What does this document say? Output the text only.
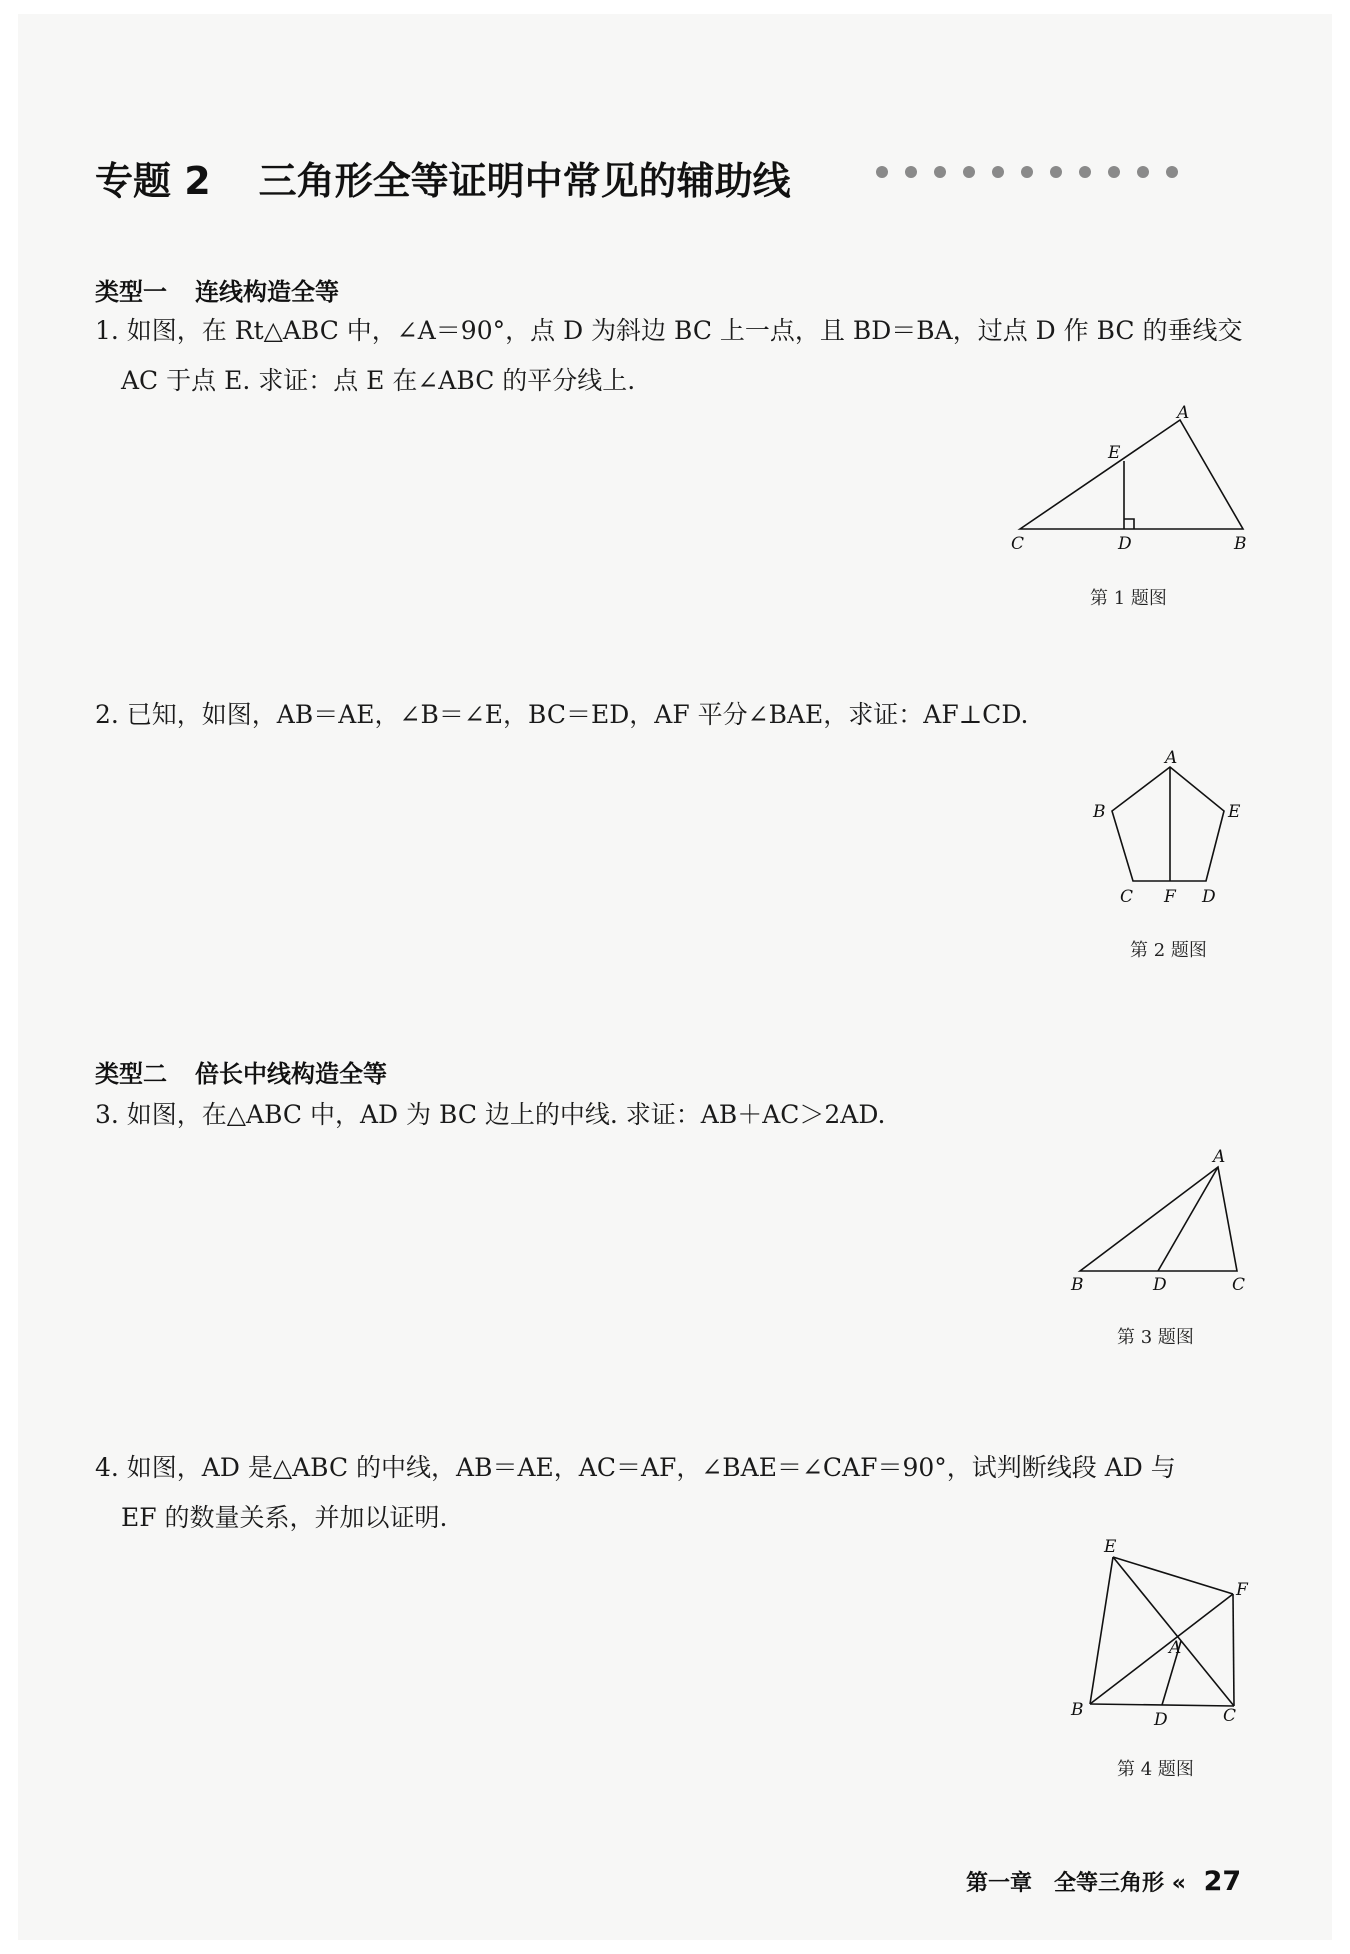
专题 2 三角形全等证明中常见的辅助线
类型一 连线构造全等
1. 如图，在 Rt△ABC 中，∠A＝90°，点 D 为斜边 BC 上一点，且 BD＝BA，过点 D 作 BC 的垂线交
AC 于点 E. 求证：点 E 在∠ABC 的平分线上.
A
E
C	D	B
第 1 题图
2. 已知，如图，AB＝AE，∠B＝∠E，BC＝ED，AF 平分∠BAE，求证：AF⊥CD.
A
B	E
C F D
第 2 题图
类型二 倍长中线构造全等
3. 如图，在△ABC 中，AD 为 BC 边上的中线. 求证：AB＋AC＞2AD.
A
B	D	C
第 3 题图
4. 如图，AD 是△ABC 的中线，AB＝AE，AC＝AF，∠BAE＝∠CAF＝90°，试判断线段 AD 与
EF 的数量关系，并加以证明.
E
F
A
B	D	C
第 4 题图
第一章　全等三角形 « 27
